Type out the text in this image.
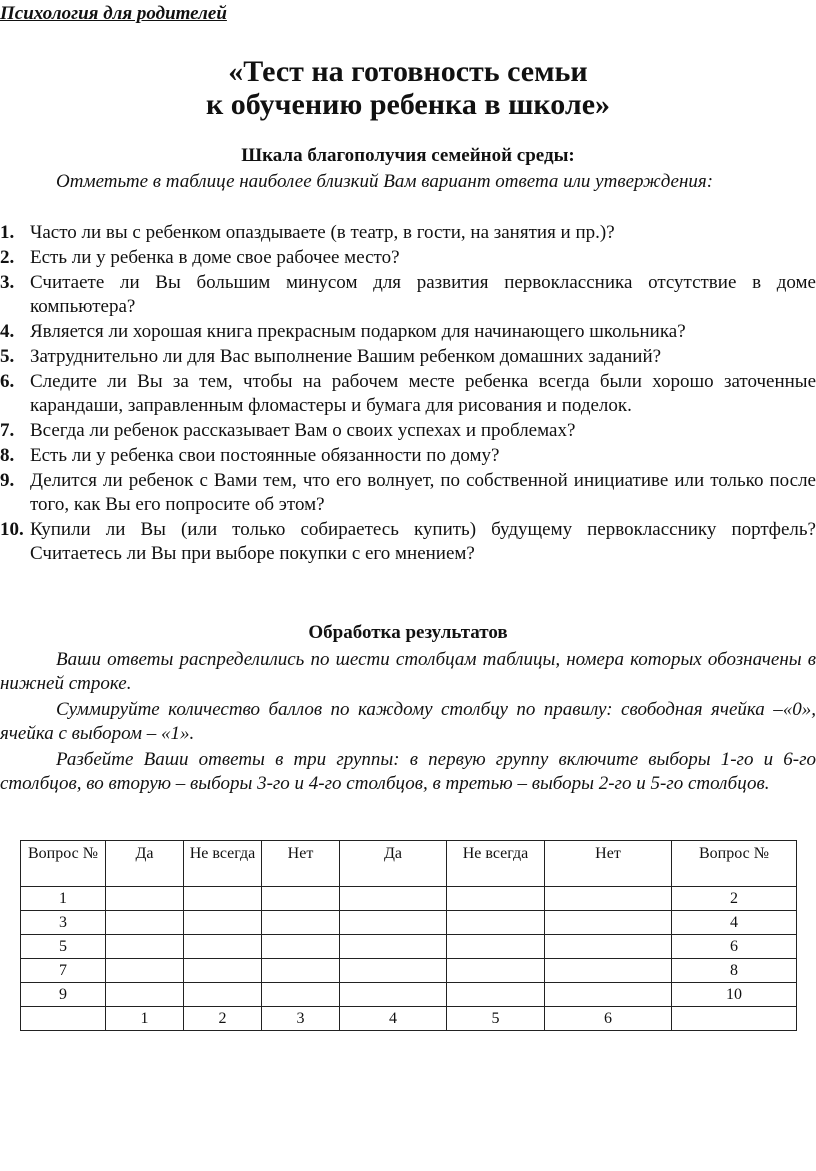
Психология для родителей
«Тест на готовность семьи
к обучению ребенка в школе»
Шкала благополучия семейной среды:
Отметьте в таблице наиболее близкий Вам вариант ответа или утверждения:
1. Часто ли вы с ребенком опаздываете (в театр, в гости, на занятия и пр.)?
2. Есть ли у ребенка в доме свое рабочее место?
3. Считаете ли Вы большим минусом для развития первоклассника отсутствие в доме компьютера?
4. Является ли хорошая книга прекрасным подарком для начинающего школьника?
5. Затруднительно ли для Вас выполнение Вашим ребенком домашних заданий?
6. Следите ли Вы за тем, чтобы на рабочем месте ребенка всегда были хорошо заточенные карандаши, заправленным фломастеры и бумага для рисования и поделок.
7. Всегда ли ребенок рассказывает Вам о своих успехах и проблемах?
8. Есть ли у ребенка свои постоянные обязанности по дому?
9. Делится ли ребенок с Вами тем, что его волнует, по собственной инициативе или только после того, как Вы его попросите об этом?
10. Купили ли Вы (или только собираетесь купить) будущему первокласснику портфель? Считаетесь ли Вы при выборе покупки с его мнением?
Обработка результатов

Ваши ответы распределились по шести столбцам таблицы, номера которых обозначены в нижней строке.

Суммируйте количество баллов по каждому столбцу по правилу: свободная ячейка –«0», ячейка с выбором – «1».

Разбейте Ваши ответы в три группы: в первую группу включите выборы 1-го и 6-го столбцов, во вторую – выборы 3-го и 4-го столбцов, в третью – выборы 2-го и 5-го столбцов.

Вопрос №	Да	Не всегда	Нет	Да	Не всегда	Нет	Вопрос №
1							2
3							4
5							6
7							8
9							10
	1	2	3	4	5	6	
